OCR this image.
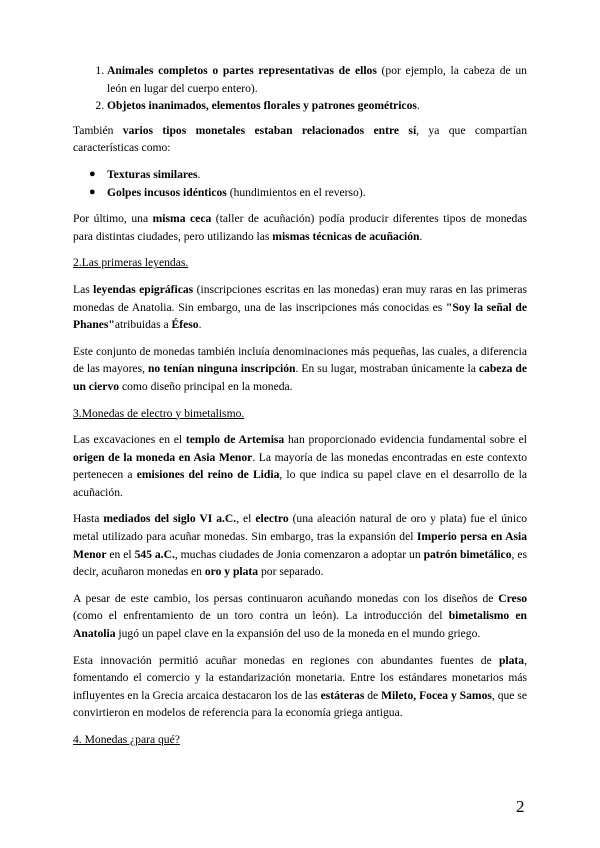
1. Animales completos o partes representativas de ellos (por ejemplo, la cabeza de un león en lugar del cuerpo entero).
2. Objetos inanimados, elementos florales y patrones geométricos.

También varios tipos monetales estaban relacionados entre sí, ya que compartían características como:

● Texturas similares.
● Golpes incusos idénticos (hundimientos en el reverso).

Por último, una misma ceca (taller de acuñación) podía producir diferentes tipos de monedas para distintas ciudades, pero utilizando las mismas técnicas de acuñación.

2.Las primeras leyendas.

Las leyendas epigráficas (inscripciones escritas en las monedas) eran muy raras en las primeras monedas de Anatolia. Sin embargo, una de las inscripciones más conocidas es "Soy la señal de Phanes"atribuidas a Éfeso.

Este conjunto de monedas también incluía denominaciones más pequeñas, las cuales, a diferencia de las mayores, no tenían ninguna inscripción. En su lugar, mostraban únicamente la cabeza de un ciervo como diseño principal en la moneda.

3.Monedas de electro y bimetalismo.

Las excavaciones en el templo de Artemisa han proporcionado evidencia fundamental sobre el origen de la moneda en Asia Menor. La mayoría de las monedas encontradas en este contexto pertenecen a emisiones del reino de Lidia, lo que indica su papel clave en el desarrollo de la acuñación.

Hasta mediados del siglo VI a.C., el electro (una aleación natural de oro y plata) fue el único metal utilizado para acuñar monedas. Sin embargo, tras la expansión del Imperio persa en Asia Menor en el 545 a.C., muchas ciudades de Jonia comenzaron a adoptar un patrón bimetálico, es decir, acuñaron monedas en oro y plata por separado.

A pesar de este cambio, los persas continuaron acuñando monedas con los diseños de Creso (como el enfrentamiento de un toro contra un león). La introducción del bimetalismo en Anatolia jugó un papel clave en la expansión del uso de la moneda en el mundo griego.

Esta innovación permitió acuñar monedas en regiones con abundantes fuentes de plata, fomentando el comercio y la estandarización monetaria. Entre los estándares monetarios más influyentes en la Grecia arcaica destacaron los de las estáteras de Mileto, Focea y Samos, que se convirtieron en modelos de referencia para la economía griega antigua.

4. Monedas ¿para qué?

2
